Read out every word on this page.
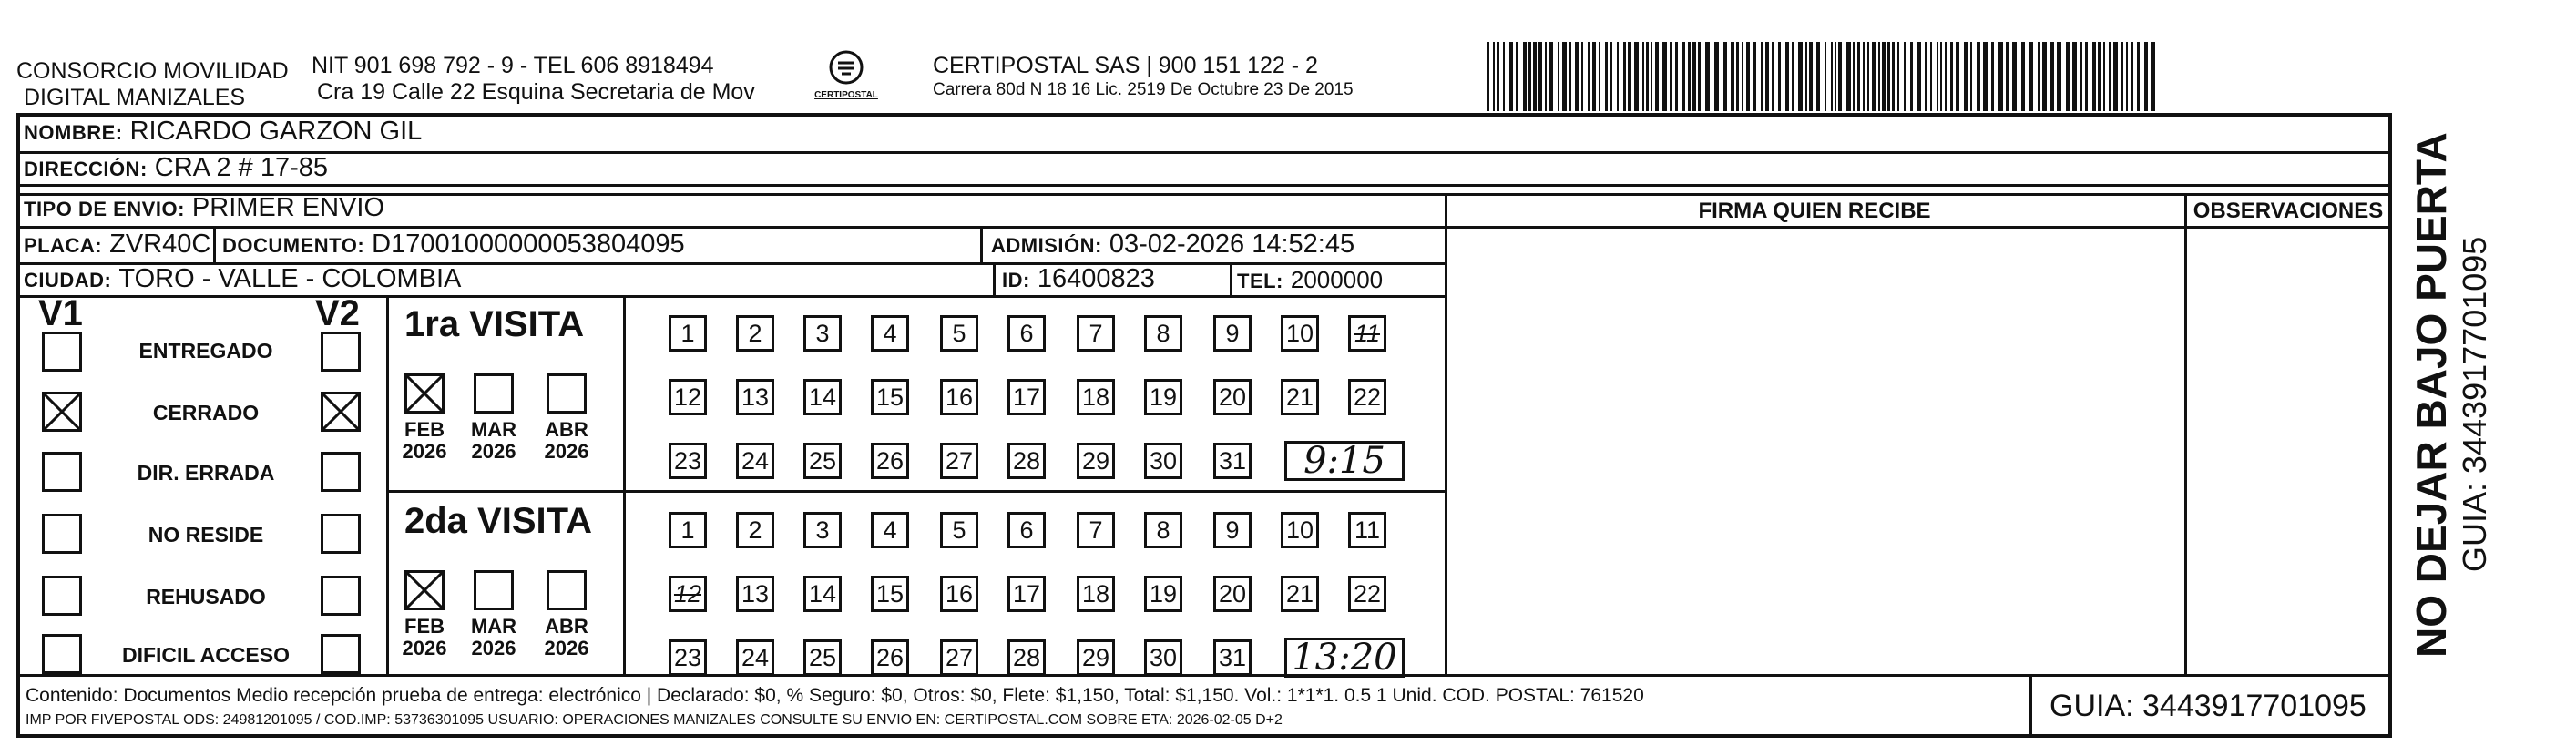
CONSORCIO MOVILIDAD
DIGITAL MANIZALES
NIT 901 698 792 - 9 - TEL 606 8918494
Cra 19 Calle 22 Esquina Secretaria de Mov	CERTIPOSTAL
CERTIPOSTAL SAS | 900 151 122 - 2
Carrera 80d N 18 16 Lic. 2519 De Octubre 23 De 2015
NOMBRE: RICARDO GARZON GIL
DIRECCIÓN: CRA 2 # 17-85
TIPO DE ENVIO: PRIMER ENVIO	FIRMA QUIEN RECIBE	OBSERVACIONES
PLACA: ZVR40C DOCUMENTO: D17001000000053804095	ADMISIÓN: 03-02-2026 14:52:45
CIUDAD: TORO - VALLE - COLOMBIA	ID: 16400823	TEL: 2000000
V1	V2
ENTREGADO
CERRADO
DIR. ERRADA
NO RESIDE
REHUSADO
DIFICIL ACCESO
1ra VISITA
FEB
2026
MAR
2026
ABR
2026
1	2	3	4	5	6	7	8	9	10 11
12 13 14 15 16 17 18 19 20 21 22
23 24 25 26 27 28 29 30 31 9:15
2da VISITA
FEB
2026
MAR
2026
ABR
2026
1	2	3	4	5	6	7	8	9	10 11
12 13 14 15 16 17 18 19 20 21 22
23 24 25 26 27 28 29 30 31 13:20
Contenido: Documentos Medio recepción prueba de entrega: electrónico | Declarado: $0, % Seguro: $0, Otros: $0, Flete: $1,150, Total: $1,150. Vol.: 1*1*1. 0.5 1 Unid. COD. POSTAL: 761520
IMP POR FIVEPOSTAL ODS: 24981201095 / COD.IMP: 53736301095 USUARIO: OPERACIONES MANIZALES CONSULTE SU ENVIO EN: CERTIPOSTAL.COM SOBRE ETA: 2026-02-05 D+2	GUIA: 3443917701095
NO DEJAR BAJO PUERTA GUIA: 3443917701095
